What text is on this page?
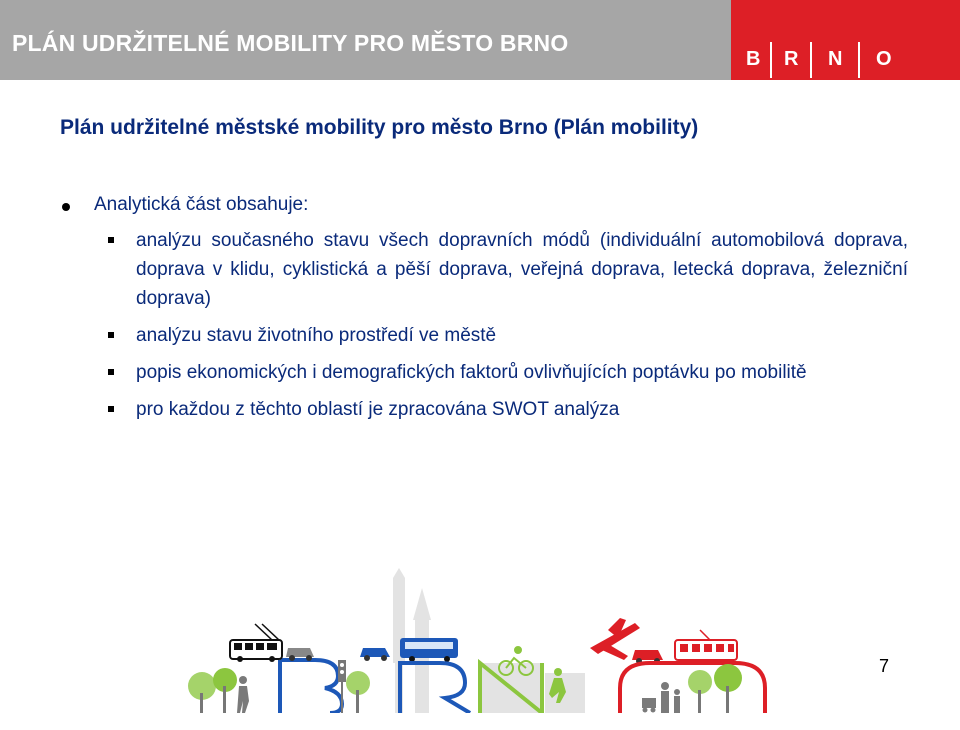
PLÁN UDRŽITELNÉ MOBILITY PRO MĚSTO BRNO
B R N O
Plán udržitelné městské mobility pro město Brno (Plán mobility)
Analytická část obsahuje:
analýzu současného stavu všech dopravních módů (individuální automobilová doprava, doprava v klidu, cyklistická a pěší doprava, veřejná doprava, letecká doprava, železniční doprava)
analýzu stavu životního prostředí ve městě
popis ekonomických i demografických faktorů ovlivňujících poptávku po mobilitě
pro každou z těchto oblastí je zpracována SWOT analýza
7
